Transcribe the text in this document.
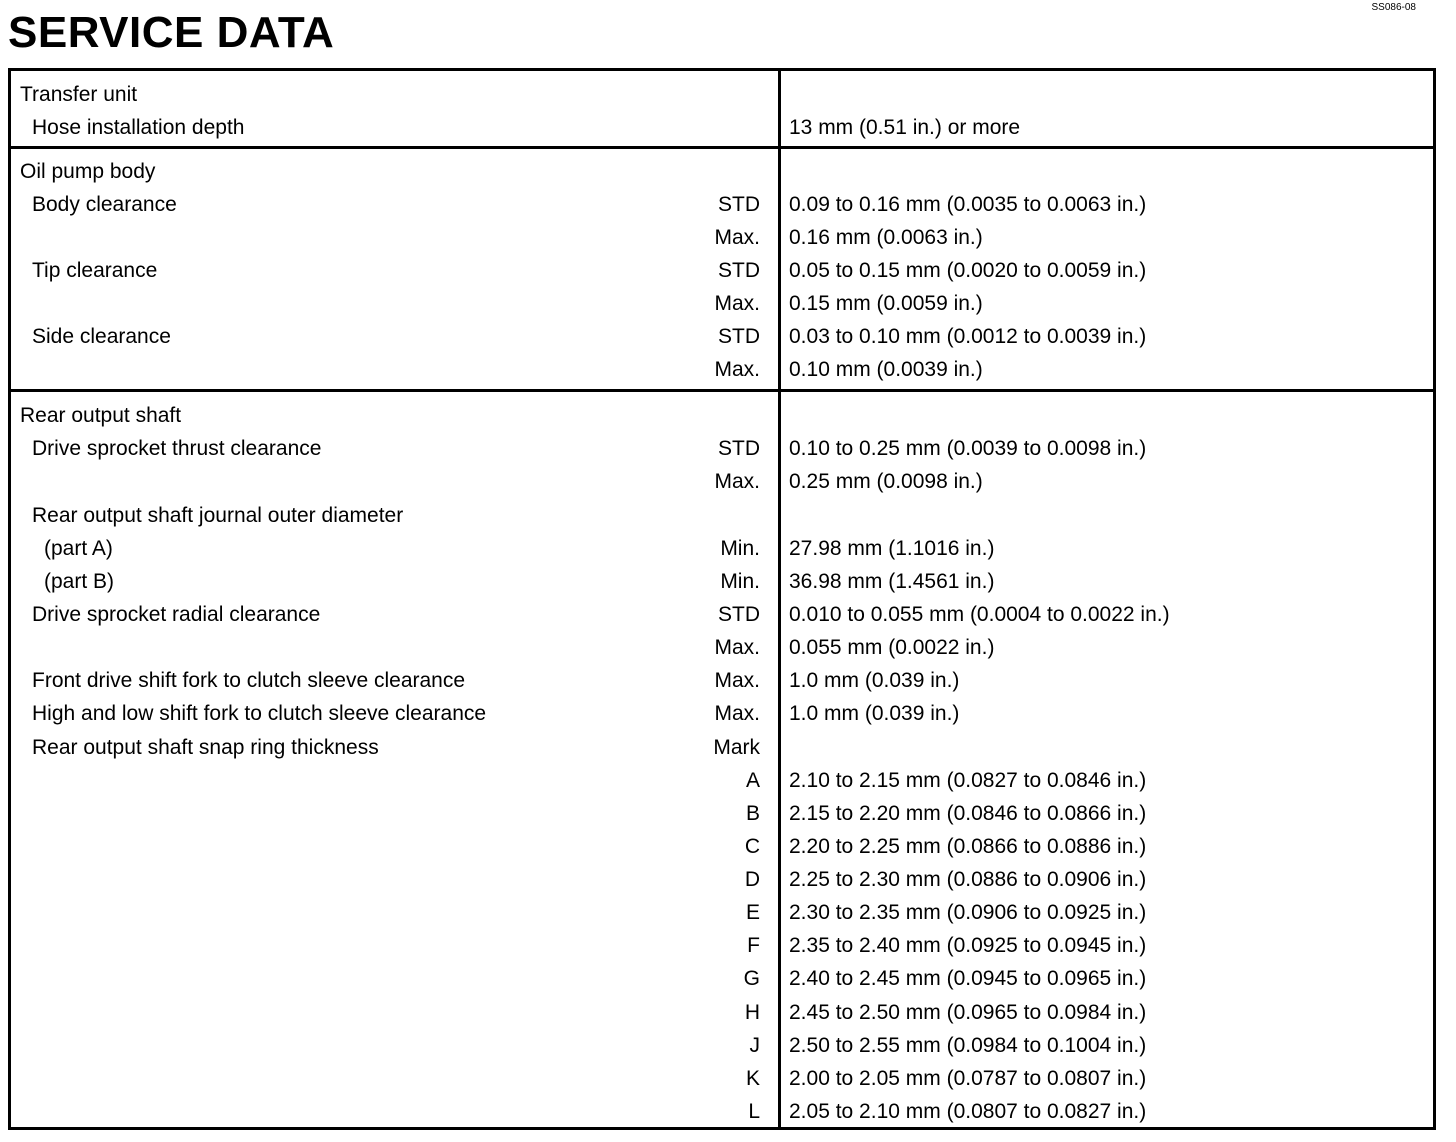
SERVICE DATA
SS086-08
Transfer unit
Hose installation depth	13 mm (0.51 in.) or more
Oil pump body
Body clearance	STD 0.09 to 0.16 mm (0.0035 to 0.0063 in.)
Max. 0.16 mm (0.0063 in.)
Tip clearance	STD 0.05 to 0.15 mm (0.0020 to 0.0059 in.)
Max. 0.15 mm (0.0059 in.)
Side clearance	STD 0.03 to 0.10 mm (0.0012 to 0.0039 in.)
Max. 0.10 mm (0.0039 in.)
Rear output shaft
Drive sprocket thrust clearance	STD 0.10 to 0.25 mm (0.0039 to 0.0098 in.)
Max. 0.25 mm (0.0098 in.)
Rear output shaft journal outer diameter
(part A)	Min. 27.98 mm (1.1016 in.)
(part B)	Min. 36.98 mm (1.4561 in.)
Drive sprocket radial clearance	STD 0.010 to 0.055 mm (0.0004 to 0.0022 in.)
Max. 0.055 mm (0.0022 in.)
Front drive shift fork to clutch sleeve clearance	Max. 1.0 mm (0.039 in.)
High and low shift fork to clutch sleeve clearance	Max. 1.0 mm (0.039 in.)
Rear output shaft snap ring thickness	Mark
A 2.10 to 2.15 mm (0.0827 to 0.0846 in.)
B 2.15 to 2.20 mm (0.0846 to 0.0866 in.)
C 2.20 to 2.25 mm (0.0866 to 0.0886 in.)
D 2.25 to 2.30 mm (0.0886 to 0.0906 in.)
E 2.30 to 2.35 mm (0.0906 to 0.0925 in.)
F 2.35 to 2.40 mm (0.0925 to 0.0945 in.)
G 2.40 to 2.45 mm (0.0945 to 0.0965 in.)
H 2.45 to 2.50 mm (0.0965 to 0.0984 in.)
J 2.50 to 2.55 mm (0.0984 to 0.1004 in.)
K 2.00 to 2.05 mm (0.0787 to 0.0807 in.)
L 2.05 to 2.10 mm (0.0807 to 0.0827 in.)
